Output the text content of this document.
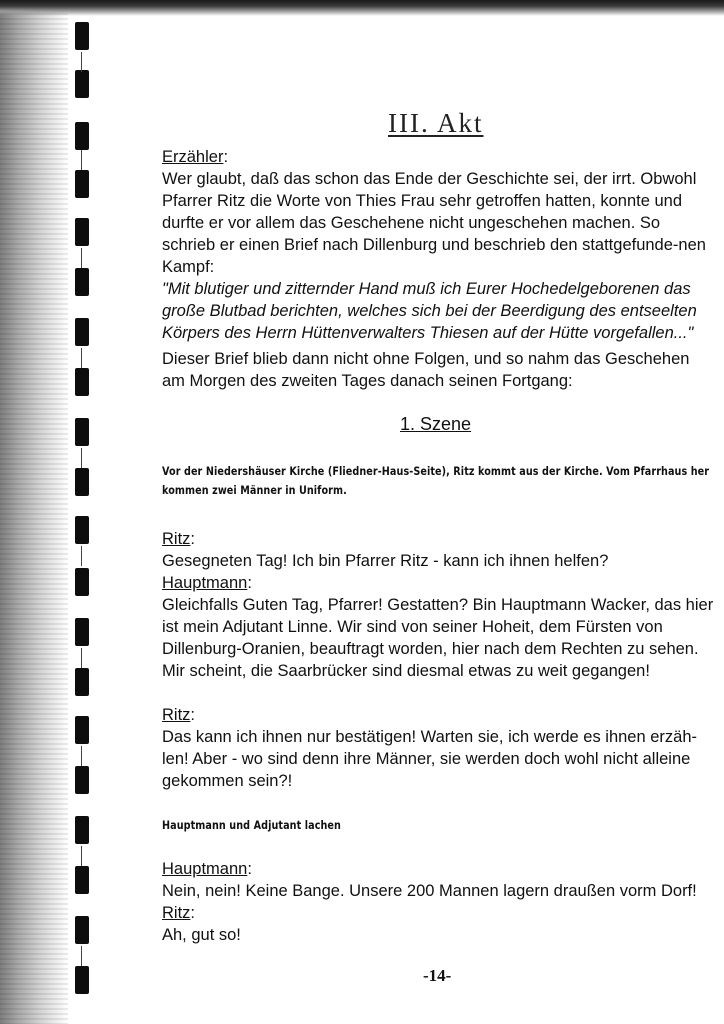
III. Akt
Erzähler:
Wer glaubt, daß das schon das Ende der Geschichte sei, der irrt. Obwohl Pfarrer Ritz die Worte von Thies Frau sehr getroffen hatten, konnte und durfte er vor allem das Geschehene nicht ungeschehen machen. So schrieb er einen Brief nach Dillenburg und beschrieb den stattgefunde-nen Kampf:
"Mit blutiger und zitternder Hand muß ich Eurer Hochedelgeborenen das große Blutbad berichten, welches sich bei der Beerdigung des entseelten Körpers des Herrn Hüttenverwalters Thiesen auf der Hütte vorgefallen..."
Dieser Brief blieb dann nicht ohne Folgen, und so nahm das Geschehen am Morgen des zweiten Tages danach seinen Fortgang:
1. Szene
Vor der Niedershäuser Kirche (Fliedner-Haus-Seite), Ritz kommt aus der Kirche. Vom Pfarrhaus her kommen zwei Männer in Uniform.
Ritz:
Gesegneten Tag! Ich bin Pfarrer Ritz - kann ich ihnen helfen?
Hauptmann:
Gleichfalls Guten Tag, Pfarrer! Gestatten? Bin Hauptmann Wacker, das hier ist mein Adjutant Linne. Wir sind von seiner Hoheit, dem Fürsten von Dillenburg-Oranien, beauftragt worden, hier nach dem Rechten zu sehen. Mir scheint, die Saarbrücker sind diesmal etwas zu weit gegangen!
Ritz:
Das kann ich ihnen nur bestätigen! Warten sie, ich werde es ihnen erzäh-len! Aber - wo sind denn ihre Männer, sie werden doch wohl nicht alleine gekommen sein?!
Hauptmann und Adjutant lachen
Hauptmann:
Nein, nein! Keine Bange. Unsere 200 Mannen lagern draußen vorm Dorf!
Ritz:
Ah, gut so!
-14-
